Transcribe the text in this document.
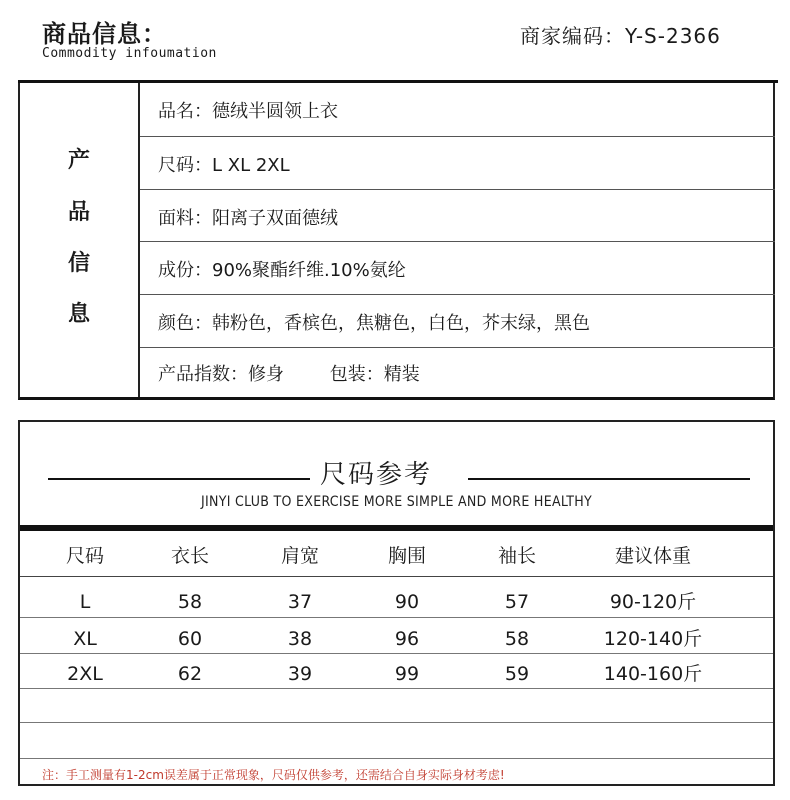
商品信息：
Commodity infoumation
商家编码：Y-S-2366
产
品
信
息
品名：德绒半圆领上衣
尺码：L XL 2XL
面料：阳离子双面德绒
成份：90%聚酯纤维.10%氨纶
颜色：韩粉色，香槟色，焦糖色，白色，芥末绿，黑色
产品指数：修身        包装：精装
尺码参考
JINYI CLUB TO EXERCISE MORE SIMPLE AND MORE HEALTHY
尺码	衣长	肩宽	胸围	袖长	建议体重
L	58	37	90	57	90-120斤
XL	60	38	96	58	120-140斤
2XL	62	39	99	59	140-160斤
注：手工测量有1-2cm误差属于正常现象，尺码仅供参考，还需结合自身实际身材考虑!
